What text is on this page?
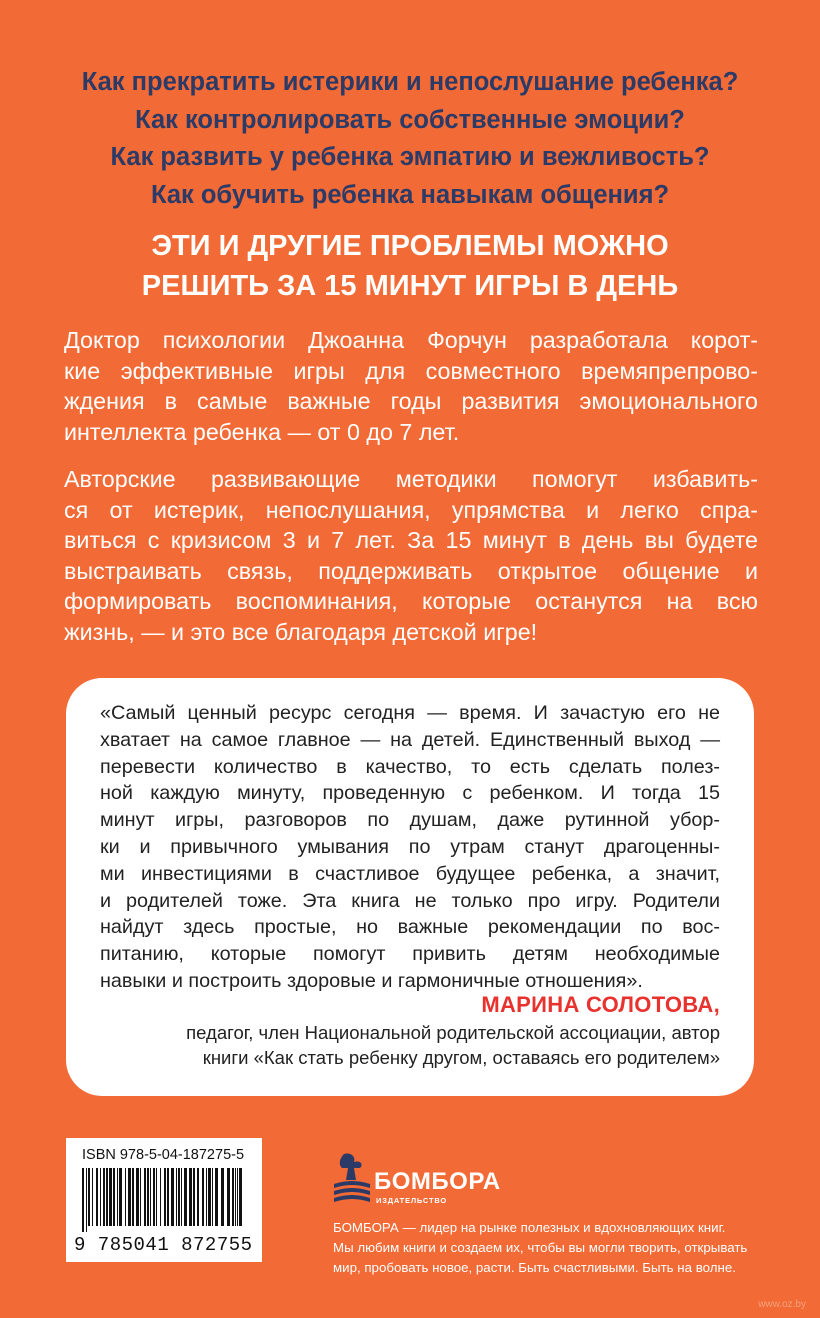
Как прекратить истерики и непослушание ребенка?
Как контролировать собственные эмоции?
Как развить у ребенка эмпатию и вежливость?
Как обучить ребенка навыкам общения?
ЭТИ И ДРУГИЕ ПРОБЛЕМЫ МОЖНО
РЕШИТЬ ЗА 15 МИНУТ ИГРЫ В ДЕНЬ
Доктор психологии Джоанна Форчун разработала корот-
кие эффективные игры для совместного времяпрепрово-
ждения в самые важные годы развития эмоционального
интеллекта ребенка — от 0 до 7 лет.
Авторские развивающие методики помогут избавить-
ся от истерик, непослушания, упрямства и легко спра-
виться с кризисом 3 и 7 лет. За 15 минут в день вы будете
выстраивать связь, поддерживать открытое общение и
формировать воспоминания, которые останутся на всю
жизнь, — и это все благодаря детской игре!
«Самый ценный ресурс сегодня — время. И зачастую его не
хватает на самое главное — на детей. Единственный выход —
перевести количество в качество, то есть сделать полез-
ной каждую минуту, проведенную с ребенком. И тогда 15
минут игры, разговоров по душам, даже рутинной убор-
ки и привычного умывания по утрам станут драгоценны-
ми инвестициями в счастливое будущее ребенка, а значит,
и родителей тоже. Эта книга не только про игру. Родители
найдут здесь простые, но важные рекомендации по вос-
питанию, которые помогут привить детям необходимые
навыки и построить здоровые и гармоничные отношения».
МАРИНА СОЛОТОВА,
педагог, член Национальной родительской ассоциации, автор
книги «Как стать ребенку другом, оставаясь его родителем»
ISBN 978-5-04-187275-5
9 785041 872755
БОМБОРА
ИЗДАТЕЛЬСТВО
БОМБОРА — лидер на рынке полезных и вдохновляющих книг.
Мы любим книги и создаем их, чтобы вы могли творить, открывать
мир, пробовать новое, расти. Быть счастливыми. Быть на волне.
www.oz.by
